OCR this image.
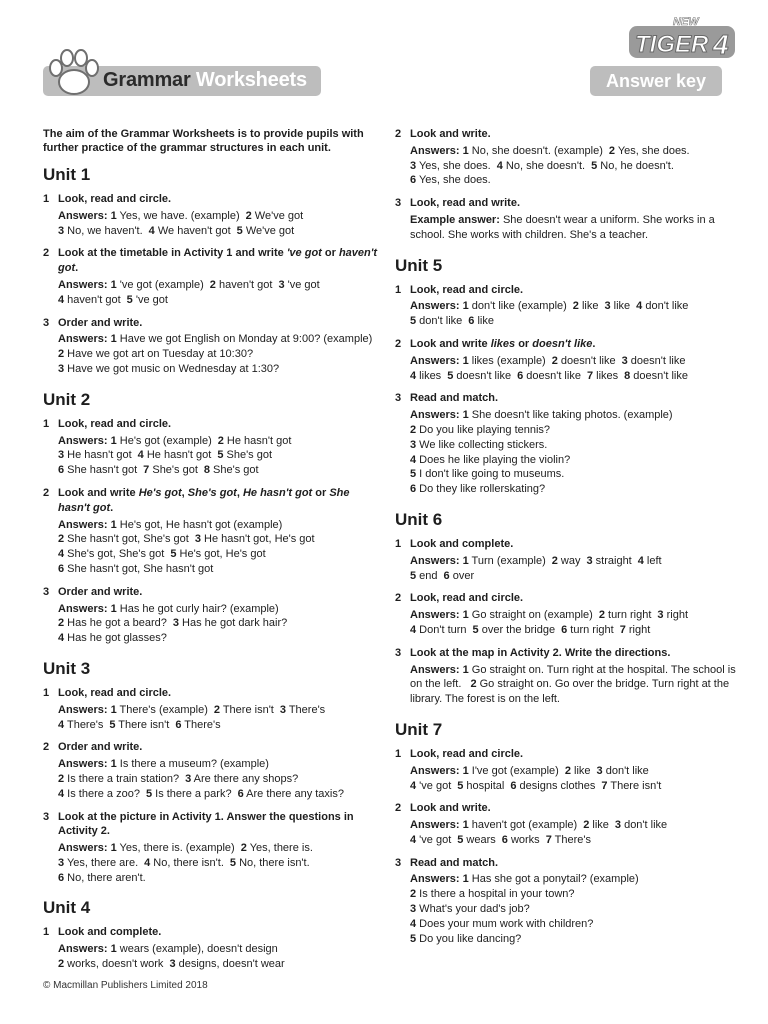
Grammar Worksheets	Answer key
NEW
TIGER 4
The aim of the Grammar Worksheets is to provide pupils with further practice of the grammar structures in each unit.
Unit 1
1 Look, read and circle.
Answers: 1 Yes, we have. (example) 2 We've got
3 No, we haven't. 4 We haven't got 5 We've got
2 Look at the timetable in Activity 1 and write 've got or haven't got.
Answers: 1 've got (example) 2 haven't got 3 've got
4 haven't got 5 've got
3 Order and write.
Answers: 1 Have we got English on Monday at 9:00? (example)
2 Have we got art on Tuesday at 10:30?
3 Have we got music on Wednesday at 1:30?
Unit 2
1 Look, read and circle.
Answers: 1 He's got (example) 2 He hasn't got
3 He hasn't got 4 He hasn't got 5 She's got
6 She hasn't got 7 She's got 8 She's got
2 Look and write He's got, She's got, He hasn't got or She hasn't got.
Answers: 1 He's got, He hasn't got (example)
2 She hasn't got, She's got 3 He hasn't got, He's got
4 She's got, She's got 5 He's got, He's got
6 She hasn't got, She hasn't got
3 Order and write.
Answers: 1 Has he got curly hair? (example)
2 Has he got a beard? 3 Has he got dark hair?
4 Has he got glasses?
Unit 3
1 Look, read and circle.
Answers: 1 There's (example) 2 There isn't 3 There's
4 There's 5 There isn't 6 There's
2 Order and write.
Answers: 1 Is there a museum? (example)
2 Is there a train station? 3 Are there any shops?
4 Is there a zoo? 5 Is there a park? 6 Are there any taxis?
3 Look at the picture in Activity 1. Answer the questions in Activity 2.
Answers: 1 Yes, there is. (example) 2 Yes, there is.
3 Yes, there are. 4 No, there isn't. 5 No, there isn't.
6 No, there aren't.
Unit 4
1 Look and complete.
Answers: 1 wears (example), doesn't design
2 works, doesn't work 3 designs, doesn't wear
2 Look and write.
Answers: 1 No, she doesn't. (example) 2 Yes, she does.
3 Yes, she does. 4 No, she doesn't. 5 No, he doesn't.
6 Yes, she does.
3 Look, read and write.
Example answer: She doesn't wear a uniform. She works in a school. She works with children. She's a teacher.
Unit 5
1 Look, read and circle.
Answers: 1 don't like (example) 2 like 3 like 4 don't like
5 don't like 6 like
2 Look and write likes or doesn't like.
Answers: 1 likes (example) 2 doesn't like 3 doesn't like
4 likes 5 doesn't like 6 doesn't like 7 likes 8 doesn't like
3 Read and match.
Answers: 1 She doesn't like taking photos. (example)
2 Do you like playing tennis?
3 We like collecting stickers.
4 Does he like playing the violin?
5 I don't like going to museums.
6 Do they like rollerskating?
Unit 6
1 Look and complete.
Answers: 1 Turn (example) 2 way 3 straight 4 left
5 end 6 over
2 Look, read and circle.
Answers: 1 Go straight on (example) 2 turn right 3 right
4 Don't turn 5 over the bridge 6 turn right 7 right
3 Look at the map in Activity 2. Write the directions.
Answers: 1 Go straight on. Turn right at the hospital. The school is on the left. 2 Go straight on. Go over the bridge. Turn right at the library. The forest is on the left.
Unit 7
1 Look, read and circle.
Answers: 1 I've got (example) 2 like 3 don't like
4 've got 5 hospital 6 designs clothes 7 There isn't
2 Look and write.
Answers: 1 haven't got (example) 2 like 3 don't like
4 've got 5 wears 6 works 7 There's
3 Read and match.
Answers: 1 Has she got a ponytail? (example)
2 Is there a hospital in your town?
3 What's your dad's job?
4 Does your mum work with children?
5 Do you like dancing?
© Macmillan Publishers Limited 2018
